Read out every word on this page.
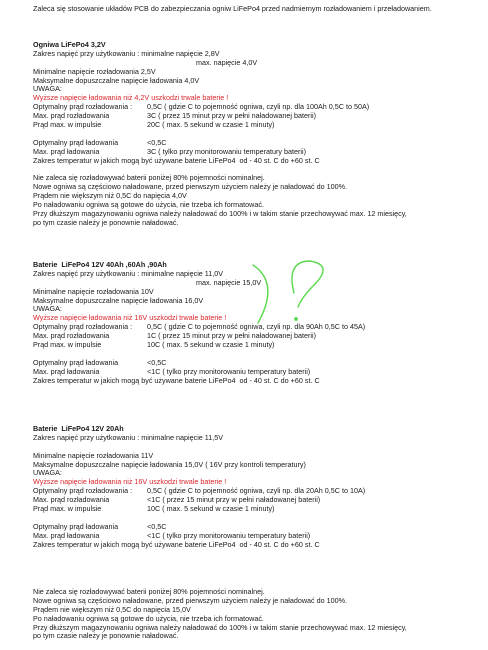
Zaleca się stosowanie układów PCB do zabezpieczania ogniw LiFePo4 przed nadmiernym rozładowaniem i przeładowaniem.
Ogniwa LiFePo4 3,2V
Zakres napięć przy użytkowaniu : minimalne napięcie 2,8V
max. napięcie 4,0V
Minimalne napięcie rozładowania 2,5V
Maksymalne dopuszczalne napięcie ładowania 4,0V
UWAGA:
Wyższe napięcie ładowania niż 4,2V uszkodzi trwale baterie !
Optymalny prąd rozładowania :	0,5C ( gdzie C to pojemność ogniwa, czyli np. dla 100Ah 0,5C to 50A)
Max. prąd rozładowania	3C ( przez 15 minut przy w pełni naładowanej baterii)
Prąd max. w impulsie	20C ( max. 5 sekund w czasie 1 minuty)
Optymalny prąd ładowania	<0,5C
Max. prąd ładowania	3C ( tylko przy monitorowaniu temperatury baterii)
Zakres temperatur w jakich mogą być używane baterie LiFePo4  od - 40 st. C do +60 st. C
Nie zaleca się rozładowywać baterii poniżej 80% pojemności nominalnej.
Nowe ogniwa są częściowo naładowane, przed pierwszym użyciem należy je naładować do 100%.
Prądem nie większym niż 0,5C do napięcia 4,0V
Po naładowaniu ogniwa są gotowe do użycia, nie trzeba ich formatować.
Przy dłuższym magazynowaniu ogniwa należy naładować do 100% i w takim stanie przechowywać max. 12 miesięcy,
po tym czasie należy je ponownie naładować.
Baterie  LiFePo4 12V 40Ah ,60Ah ,90Ah
Zakres napięć przy użytkowaniu : minimalne napięcie 11,0V
max. napięcie 15,0V
Minimalne napięcie rozładowania 10V
Maksymalne dopuszczalne napięcie ładowania 16,0V
UWAGA:
Wyższe napięcie ładowania niż 16V uszkodzi trwale baterie !
Optymalny prąd rozładowania :	0,5C ( gdzie C to pojemność ogniwa, czyli np. dla 90Ah 0,5C to 45A)
Max. prąd rozładowania	1C ( przez 15 minut przy w pełni naładowanej baterii)
Prąd max. w impulsie	10C ( max. 5 sekund w czasie 1 minuty)
Optymalny prąd ładowania	<0,5C
Max. prąd ładowania	<1C ( tylko przy monitorowaniu temperatury baterii)
Zakres temperatur w jakich mogą być używane baterie LiFePo4  od - 40 st. C do +60 st. C
Baterie  LiFePo4 12V 20Ah
Zakres napięć przy użytkowaniu : minimalne napięcie 11,5V
Minimalne napięcie rozładowania 11V
Maksymalne dopuszczalne napięcie ładowania 15,0V ( 16V przy kontroli temperatury)
UWAGA:
Wyższe napięcie ładowania niż 16V uszkodzi trwale baterie !
Optymalny prąd rozładowania :	0,5C ( gdzie C to pojemność ogniwa, czyli np. dla 20Ah 0,5C to 10A)
Max. prąd rozładowania	<1C ( przez 15 minut przy w pełni naładowanej baterii)
Prąd max. w impulsie	10C ( max. 5 sekund w czasie 1 minuty)
Optymalny prąd ładowania	<0,5C
Max. prąd ładowania	<1C ( tylko przy monitorowaniu temperatury baterii)
Zakres temperatur w jakich mogą być używane baterie LiFePo4  od - 40 st. C do +60 st. C
Nie zaleca się rozładowywać baterii poniżej 80% pojemności nominalnej.
Nowe ogniwa są częściowo naładowane, przed pierwszym użyciem należy je naładować do 100%.
Prądem nie większym niż 0,5C do napięcia 15,0V
Po naładowaniu ogniwa są gotowe do użycia, nie trzeba ich formatować.
Przy dłuższym magazynowaniu ogniwa należy naładować do 100% i w takim stanie przechowywać max. 12 miesięcy,
po tym czasie należy je ponownie naładować.
